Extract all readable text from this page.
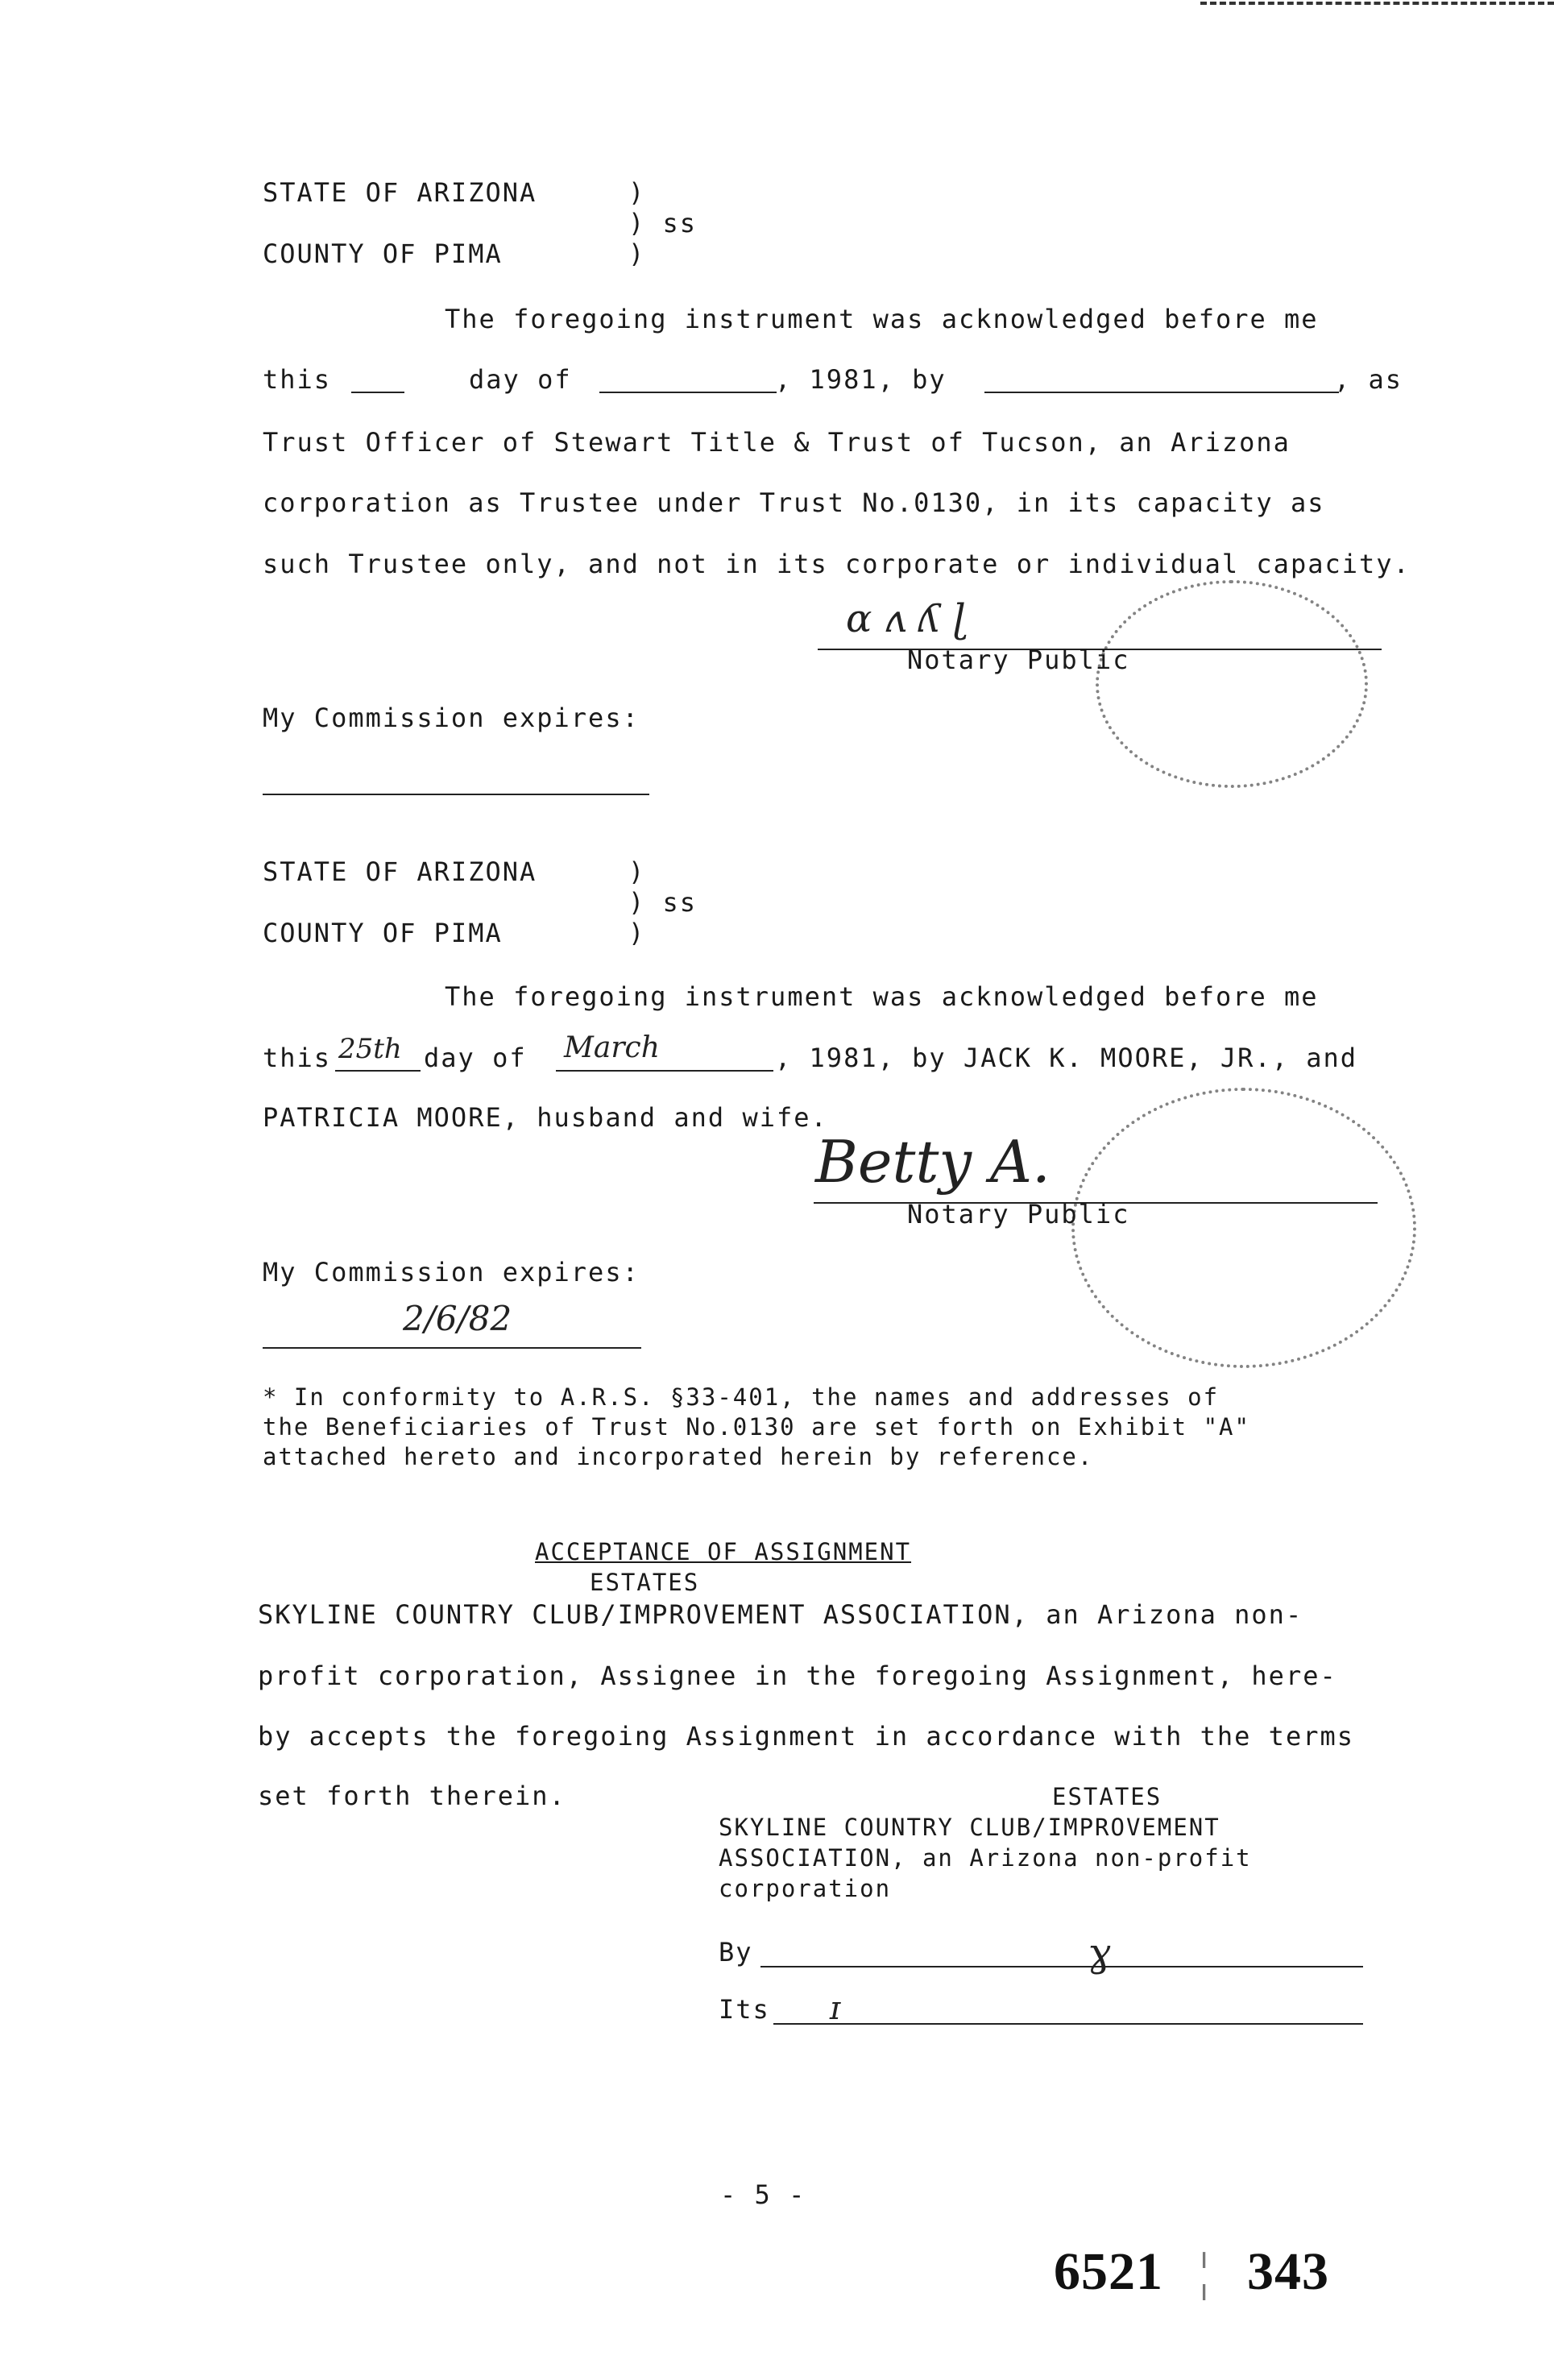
STATE OF ARIZONA	)
) ss
COUNTY OF PIMA	)
The foregoing instrument was acknowledged before me
this	day of	, 1981, by	, as
Trust Officer of Stewart Title & Trust of Tucson, an Arizona
corporation as Trustee under Trust No.0130, in its capacity as
such Trustee only, and not in its corporate or individual capacity.
ɑ ʌ ʎ ɭ
Notary Public
My Commission expires:
STATE OF ARIZONA	)
) ss
COUNTY OF PIMA	)
The foregoing instrument was acknowledged before me
this 25th day of March	, 1981, by JACK K. MOORE, JR., and
PATRICIA MOORE, husband and wife.
Betty A.
Notary Public
My Commission expires:
2/6/82
* In conformity to A.R.S. §33-401, the names and addresses of
the Beneficiaries of Trust No.0130 are set forth on Exhibit "A"
attached hereto and incorporated herein by reference.
ACCEPTANCE OF ASSIGNMENT
ESTATES
SKYLINE COUNTRY CLUB/IMPROVEMENT ASSOCIATION, an Arizona non-
profit corporation, Assignee in the foregoing Assignment, here-
by accepts the foregoing Assignment in accordance with the terms
set forth therein.	ESTATES
SKYLINE COUNTRY CLUB/IMPROVEMENT
ASSOCIATION, an Arizona non-profit
corporation
By	ɣ
Its ɪ
- 5 -
6521 ¦ 343
